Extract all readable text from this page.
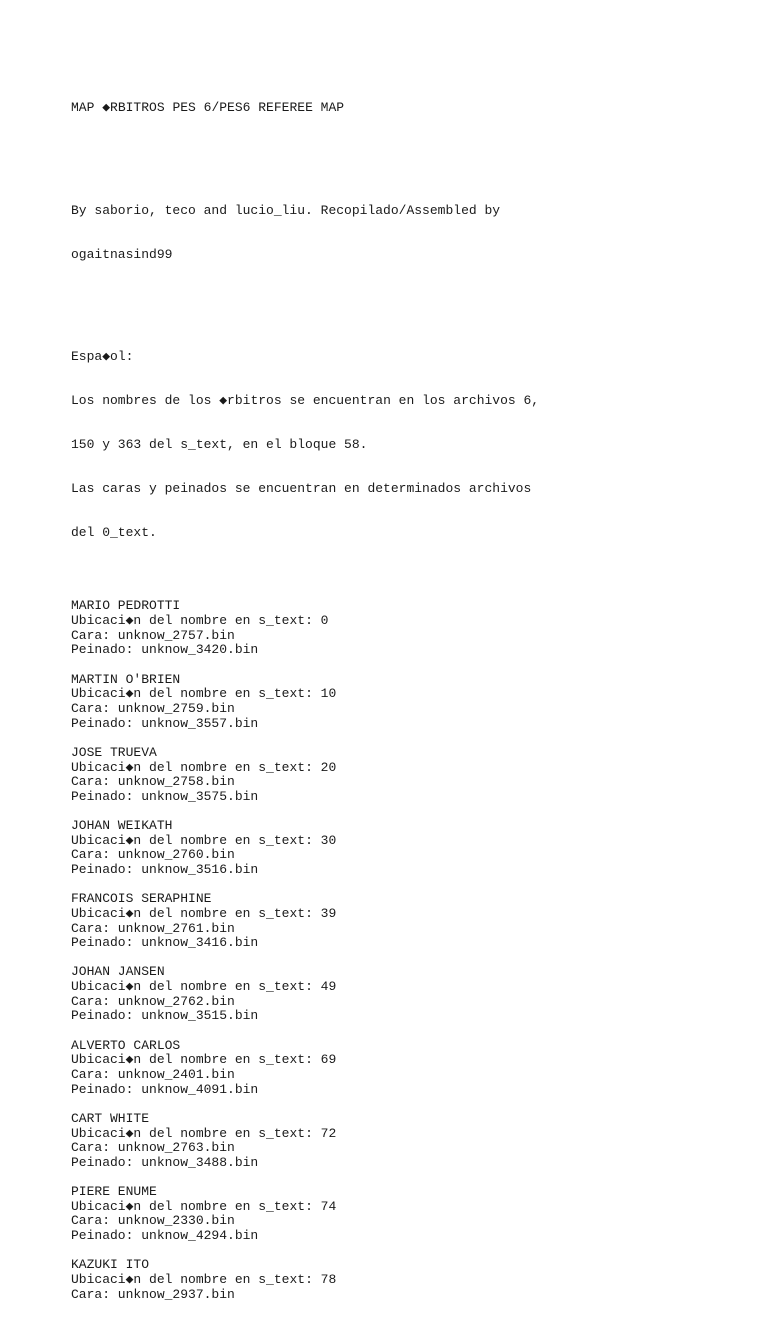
MAP ◆RBITROS PES 6/PES6 REFEREE MAP

By saborio, teco and lucio_liu. Recopilado/Assembled by

ogaitnasind99

Espa◆ol:

Los nombres de los ◆rbitros se encuentran en los archivos 6,

150 y 363 del s_text, en el bloque 58.

Las caras y peinados se encuentran en determinados archivos

del 0_text.

MARIO PEDROTTI
Ubicaci◆n del nombre en s_text: 0
Cara: unknow_2757.bin
Peinado: unknow_3420.bin
MARTIN O'BRIEN
Ubicaci◆n del nombre en s_text: 10
Cara: unknow_2759.bin
Peinado: unknow_3557.bin
JOSE TRUEVA
Ubicaci◆n del nombre en s_text: 20
Cara: unknow_2758.bin
Peinado: unknow_3575.bin
JOHAN WEIKATH
Ubicaci◆n del nombre en s_text: 30
Cara: unknow_2760.bin
Peinado: unknow_3516.bin
FRANCOIS SERAPHINE
Ubicaci◆n del nombre en s_text: 39
Cara: unknow_2761.bin
Peinado: unknow_3416.bin
JOHAN JANSEN
Ubicaci◆n del nombre en s_text: 49
Cara: unknow_2762.bin
Peinado: unknow_3515.bin
ALVERTO CARLOS
Ubicaci◆n del nombre en s_text: 69
Cara: unknow_2401.bin
Peinado: unknow_4091.bin
CART WHITE
Ubicaci◆n del nombre en s_text: 72
Cara: unknow_2763.bin
Peinado: unknow_3488.bin
PIERE ENUME
Ubicaci◆n del nombre en s_text: 74
Cara: unknow_2330.bin
Peinado: unknow_4294.bin
KAZUKI ITO
Ubicaci◆n del nombre en s_text: 78
Cara: unknow_2937.bin
